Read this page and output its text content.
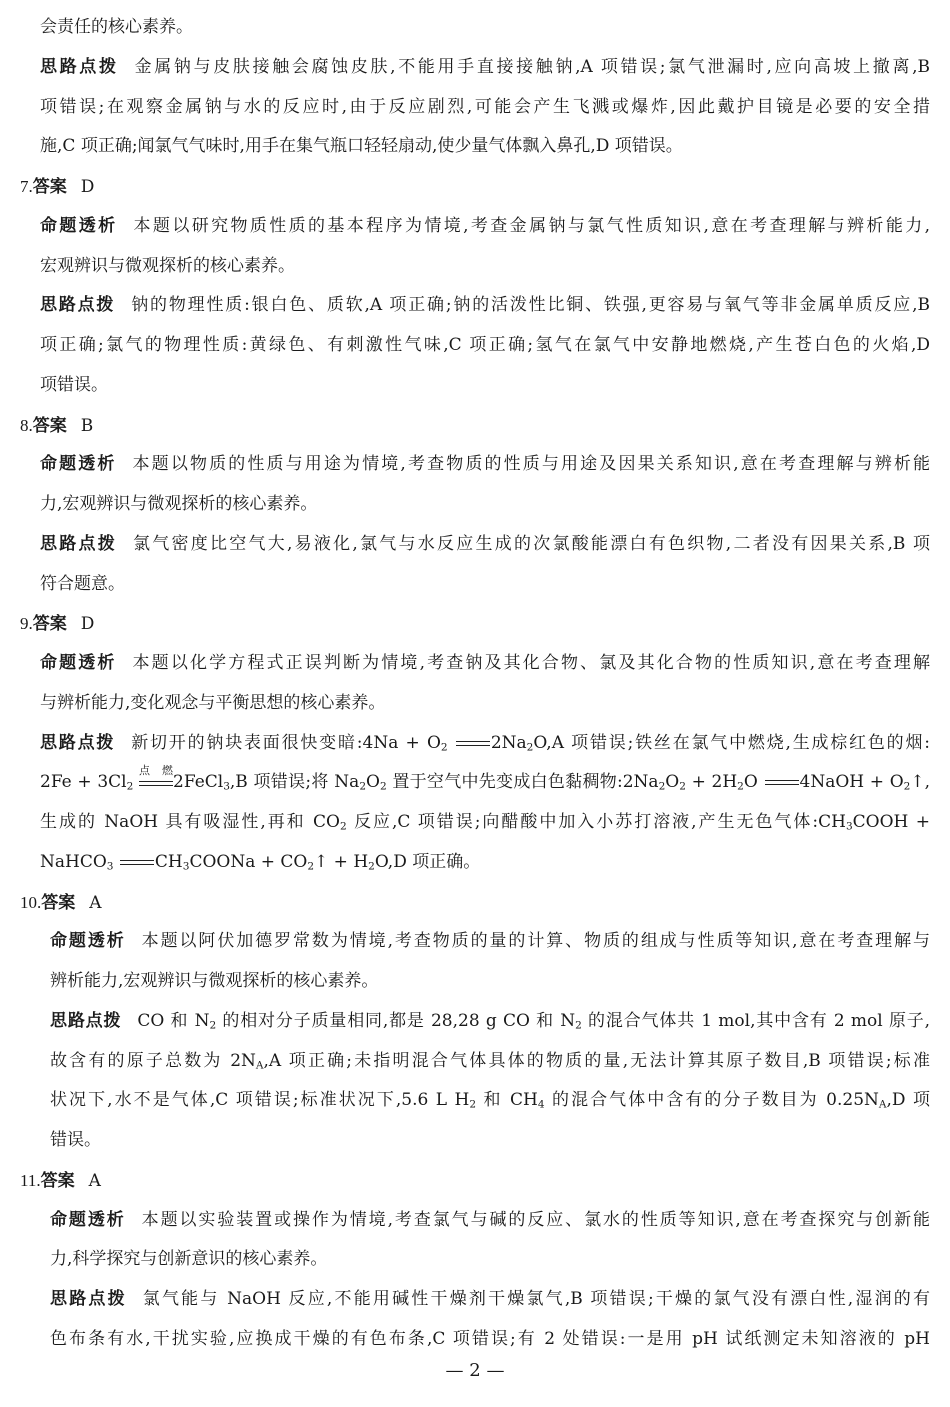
会责任的核心素养。
思路点拨 金属钠与皮肤接触会腐蚀皮肤,不能用手直接接触钠,A 项错误;氯气泄漏时,应向高坡上撤离,B
项错误;在观察金属钠与水的反应时,由于反应剧烈,可能会产生飞溅或爆炸,因此戴护目镜是必要的安全措
施,C 项正确;闻氯气气味时,用手在集气瓶口轻轻扇动,使少量气体飘入鼻孔,D 项错误。
7.答案 D
命题透析 本题以研究物质性质的基本程序为情境,考查金属钠与氯气性质知识,意在考查理解与辨析能力,
宏观辨识与微观探析的核心素养。
思路点拨 钠的物理性质:银白色、质软,A 项正确;钠的活泼性比铜、铁强,更容易与氧气等非金属单质反应,B
项正确;氯气的物理性质:黄绿色、有刺激性气味,C 项正确;氢气在氯气中安静地燃烧,产生苍白色的火焰,D
项错误。
8.答案 B
命题透析 本题以物质的性质与用途为情境,考查物质的性质与用途及因果关系知识,意在考查理解与辨析能
力,宏观辨识与微观探析的核心素养。
思路点拨 氯气密度比空气大,易液化,氯气与水反应生成的次氯酸能漂白有色织物,二者没有因果关系,B 项
符合题意。
9.答案 D
命题透析 本题以化学方程式正误判断为情境,考查钠及其化合物、氯及其化合物的性质知识,意在考查理解
与辨析能力,变化观念与平衡思想的核心素养。
思路点拨 新切开的钠块表面很快变暗:4Na + $O_2$	$2Na_2O,A$ 项错误;铁丝在氯气中燃烧,生成棕红色的烟:
$2Fe + 3Cl_2$
点燃
2FeCl$_3$,B 项错误;将 $Na_2O_2$ 置于空气中先变成白色黏稠物$:2Na_2O_2 + 2H_2O$ 4NaOH + $O_2↑$,
生成的 NaOH 具有吸湿性,再和 $CO_2$ 反应,C 项错误;向醋酸中加入小苏打溶液,产生无色气体$:CH_3COOH$ +
NaHCO$_3$ $CH_3COONa$ + $CO_2↑ + H_2O,D$ 项正确。
10.答案 A
命题透析 本题以阿伏加德罗常数为情境,考查物质的量的计算、物质的组成与性质等知识,意在考查理解与
辨析能力,宏观辨识与微观探析的核心素养。
思路点拨 CO 和 $N_2$ 的相对分子质量相同,都是 28,28 g CO 和 $N_2$ 的混合气体共 1 mol,其中含有 2 mol 原子,
故含有的原子总数为 $2N_A,A$ 项正确;未指明混合气体具体的物质的量,无法计算其原子数目,B 项错误;标准
状况下,水不是气体,C 项错误;标准状况下,5.6 L $H_2$ 和 $CH_4$ 的混合气体中含有的分子数目为 $0.25N_A,D$ 项
错误。
11.答案 A
命题透析 本题以实验装置或操作为情境,考查氯气与碱的反应、氯水的性质等知识,意在考查探究与创新能
力,科学探究与创新意识的核心素养。
思路点拨 氯气能与 NaOH 反应,不能用碱性干燥剂干燥氯气,B 项错误;干燥的氯气没有漂白性,湿润的有
色布条有水,干扰实验,应换成干燥的有色布条,C 项错误;有 2 处错误:一是用 pH 试纸测定未知溶液的 pH
— 2 —
